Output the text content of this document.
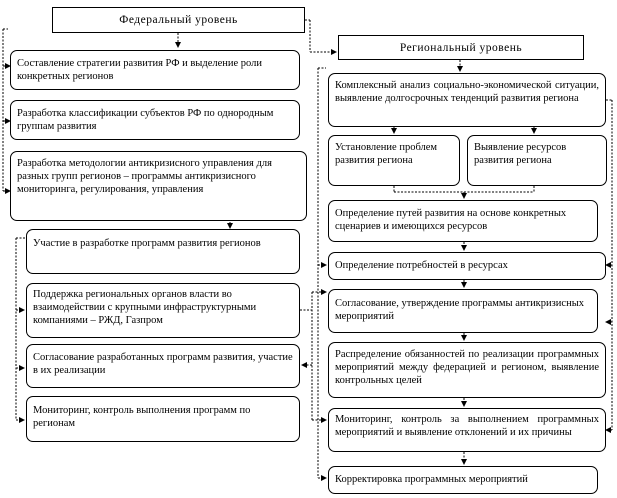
Федеральный уровень
Составление стратегии развития РФ и выделение роли конкретных регионов
Разработка классификации субъектов РФ по однородным группам развития
Разработка методологии антикризисного управления для разных групп регионов – программы антикризисного мониторинга, регулирования, управления
Участие в разработке программ развития регионов
Поддержка региональных органов власти во взаимодействии с крупными инфраструктурными компаниями – РЖД, Газпром
Согласование разработанных программ развития, участие в их реализации
Мониторинг, контроль выполнения программ по регионам
Региональный уровень
Комплексный анализ социально-экономической ситуации, выявление долгосрочных тенденций развития региона
Установление проблем развития региона
Выявление ресурсов развития региона
Определение путей развития на основе конкретных сценариев и имеющихся ресурсов
Определение потребностей в ресурсах
Согласование, утверждение программы антикризисных мероприятий
Распределение обязанностей по реализации программных мероприятий между федерацией и регионом, выявление контрольных целей
Мониторинг, контроль за выполнением программных мероприятий и выявление отклонений и их причины
Корректировка программных мероприятий
